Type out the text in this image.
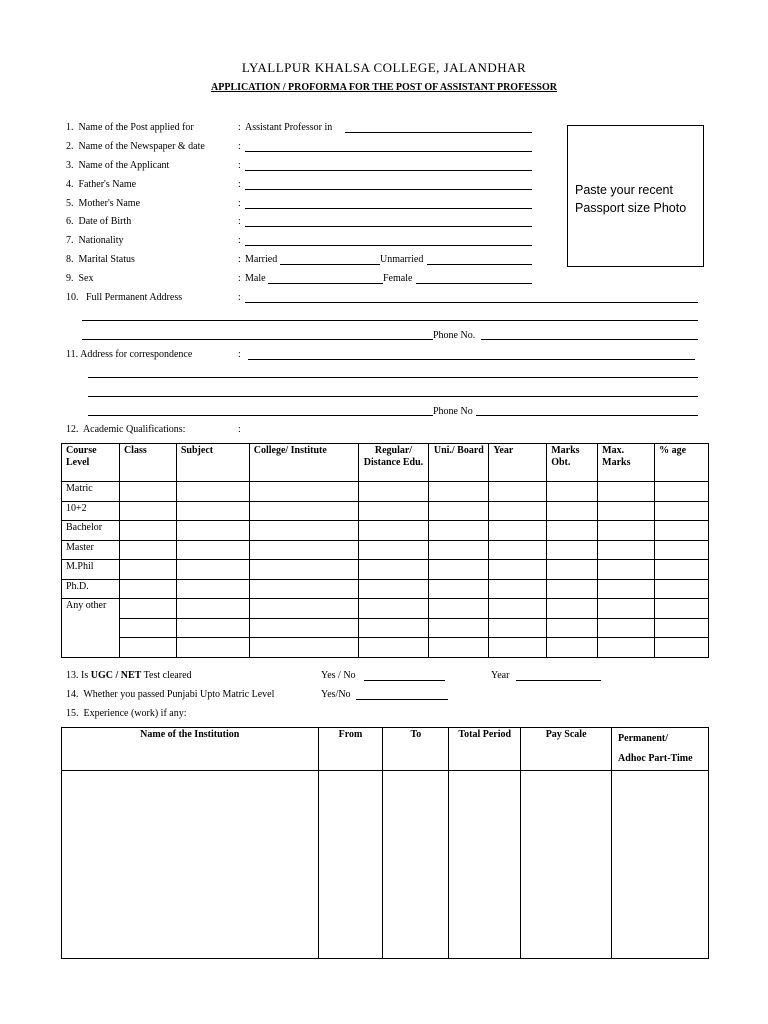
LYALLPUR KHALSA COLLEGE, JALANDHAR
APPLICATION / PROFORMA FOR THE POST OF ASSISTANT PROFESSOR
Paste your recent
Passport size Photo
1. Name of the Post applied for	: Assistant Professor in
2. Name of the Newspaper & date	:
3. Name of the Applicant	:
4. Father's Name	:
5. Mother's Name	:
6. Date of Birth	:
7. Nationality	:
8. Marital Status	: Married	Unmarried
9. Sex	: Male	Female
10. Full Permanent Address	:
Phone No.
11. Address for correspondence	:
Phone No
12. Academic Qualifications:	:
Course Level	Class	Subject	College/ Institute	Regular/ Distance Edu.	Uni./ Board	Year	Marks Obt.	Max. Marks	% age
Matric									
10+2									
Bachelor									
Master									
M.Phil									
Ph.D.									
Any other									

13. Is UGC / NET Test cleared	Yes / No	Year
14. Whether you passed Punjabi Upto Matric Level	Yes/No
15. Experience (work) if any:
Name of the Institution	From	To	Total Period	Pay Scale	Permanent/
Adhoc Part-Time
